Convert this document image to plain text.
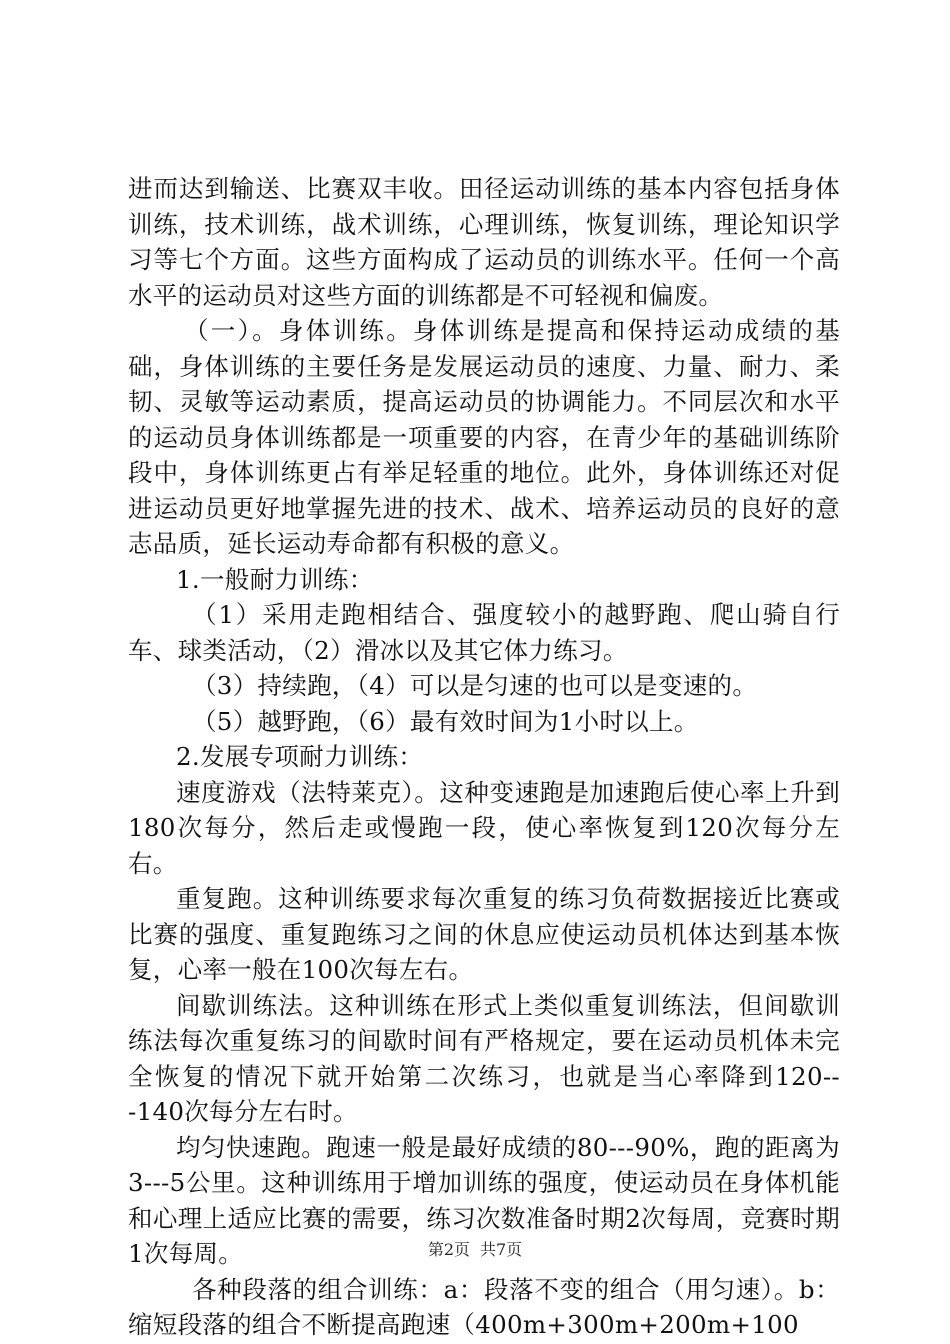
进而达到输送、比赛双丰收。田径运动训练的基本内容包括身体训练，技术训练，战术训练，心理训练，恢复训练，理论知识学习等七个方面。这些方面构成了运动员的训练水平。任何一个高水平的运动员对这些方面的训练都是不可轻视和偏废。

（一）。身体训练。身体训练是提高和保持运动成绩的基础，身体训练的主要任务是发展运动员的速度、力量、耐力、柔韧、灵敏等运动素质，提高运动员的协调能力。不同层次和水平的运动员身体训练都是一项重要的内容，在青少年的基础训练阶段中，身体训练更占有举足轻重的地位。此外，身体训练还对促进运动员更好地掌握先进的技术、战术、培养运动员的良好的意志品质，延长运动寿命都有积极的意义。

1.一般耐力训练：

（1）采用走跑相结合、强度较小的越野跑、爬山骑自行车、球类活动，（2）滑冰以及其它体力练习。

（3）持续跑，（4）可以是匀速的也可以是变速的。

（5）越野跑，（6）最有效时间为1小时以上。

2.发展专项耐力训练：

速度游戏（法特莱克）。这种变速跑是加速跑后使心率上升到180次每分，然后走或慢跑一段，使心率恢复到120次每分左右。

重复跑。这种训练要求每次重复的练习负荷数据接近比赛或比赛的强度、重复跑练习之间的休息应使运动员机体达到基本恢复，心率一般在100次每左右。

间歇训练法。这种训练在形式上类似重复训练法，但间歇训练法每次重复练习的间歇时间有严格规定，要在运动员机体未完全恢复的情况下就开始第二次练习，也就是当心率降到120---140次每分左右时。

均匀快速跑。跑速一般是最好成绩的80---90%，跑的距离为3---5公里。这种训练用于增加训练的强度，使运动员在身体机能和心理上适应比赛的需要，练习次数准备时期2次每周，竞赛时期1次每周。

各种段落的组合训练：a：段落不变的组合（用匀速）。b：缩短段落的组合不断提高跑速（400m+300m+200m+100

第2页 共7页
